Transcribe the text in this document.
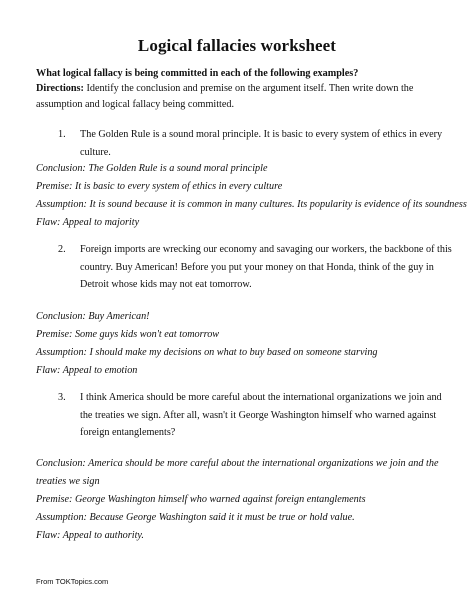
Logical fallacies worksheet
What logical fallacy is being committed in each of the following examples?
Directions: Identify the conclusion and premise on the argument itself. Then write down the assumption and logical fallacy being committed.
1. The Golden Rule is a sound moral principle. It is basic to every system of ethics in every culture.
Conclusion: The Golden Rule is a sound moral principle
Premise: It is basic to every system of ethics in every culture
Assumption: It is sound because it is common in many cultures. Its popularity is evidence of its soundness
Flaw: Appeal to majority
2. Foreign imports are wrecking our economy and savaging our workers, the backbone of this country. Buy American! Before you put your money on that Honda, think of the guy in Detroit whose kids may not eat tomorrow.
Conclusion: Buy American!
Premise: Some guys kids won't eat tomorrow
Assumption: I should make my decisions on what to buy based on someone starving
Flaw: Appeal to emotion
3. I think America should be more careful about the international organizations we join and the treaties we sign. After all, wasn't it George Washington himself who warned against foreign entanglements?
Conclusion: America should be more careful about the international organizations we join and the treaties we sign
Premise: George Washington himself who warned against foreign entanglements
Assumption: Because George Washington said it it must be true or hold value.
Flaw: Appeal to authority.
From TOKTopics.com
